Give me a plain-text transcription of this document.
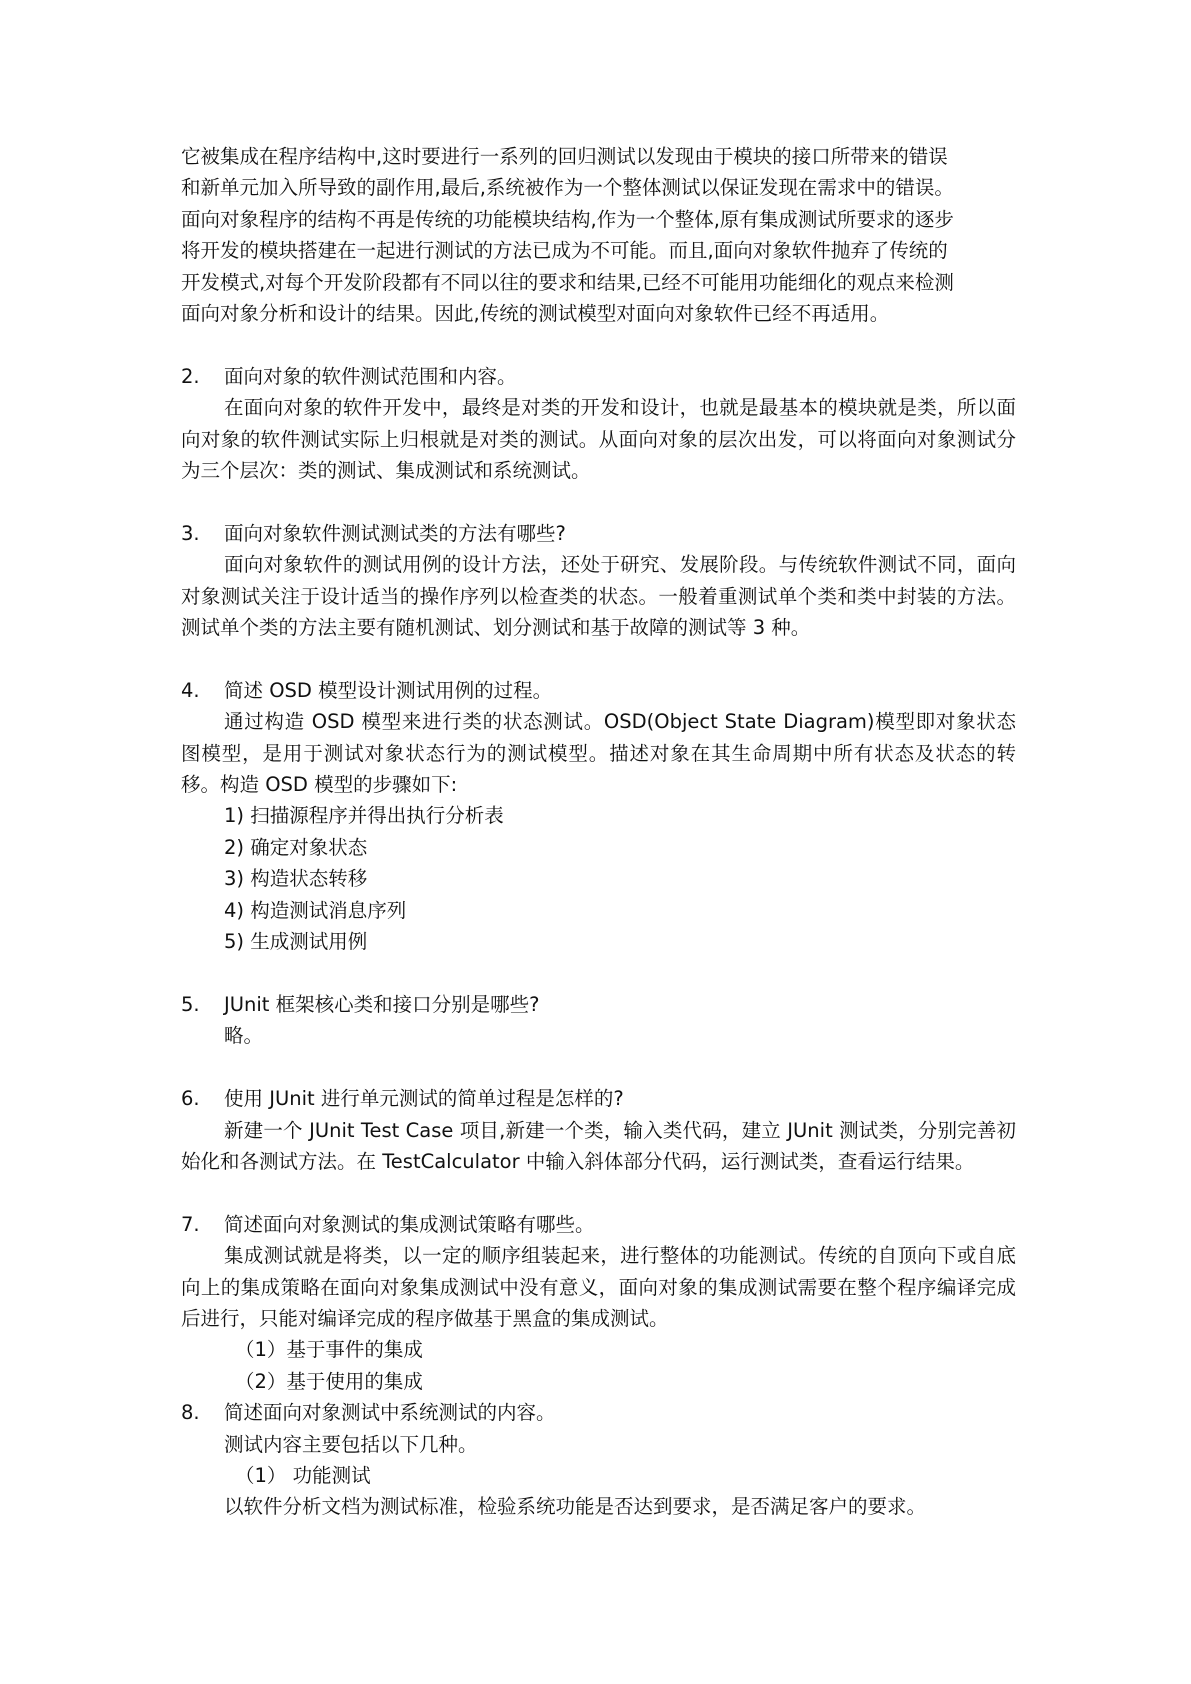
它被集成在程序结构中,这时要进行一系列的回归测试以发现由于模块的接口所带来的错误

和新单元加入所导致的副作用,最后,系统被作为一个整体测试以保证发现在需求中的错误。

面向对象程序的结构不再是传统的功能模块结构,作为一个整体,原有集成测试所要求的逐步

将开发的模块搭建在一起进行测试的方法已成为不可能。而且,面向对象软件抛弃了传统的

开发模式,对每个开发阶段都有不同以往的要求和结果,已经不可能用功能细化的观点来检测

面向对象分析和设计的结果。因此,传统的测试模型对面向对象软件已经不再适用。

2.	面向对象的软件测试范围和内容。

在面向对象的软件开发中，最终是对类的开发和设计，也就是最基本的模块就是类，所以面向对象的软件测试实际上归根就是对类的测试。从面向对象的层次出发，可以将面向对象测试分为三个层次：类的测试、集成测试和系统测试。

3.	面向对象软件测试测试类的方法有哪些?

面向对象软件的测试用例的设计方法，还处于研究、发展阶段。与传统软件测试不同，面向对象测试关注于设计适当的操作序列以检查类的状态。一般着重测试单个类和类中封装的方法。测试单个类的方法主要有随机测试、划分测试和基于故障的测试等 3 种。

4.	简述 OSD 模型设计测试用例的过程。

通过构造 OSD 模型来进行类的状态测试。OSD(Object State Diagram)模型即对象状态图模型，是用于测试对象状态行为的测试模型。描述对象在其生命周期中所有状态及状态的转移。构造 OSD 模型的步骤如下:

1) 扫描源程序并得出执行分析表

2) 确定对象状态

3) 构造状态转移

4) 构造测试消息序列

5) 生成测试用例

5.	JUnit 框架核心类和接口分别是哪些?

略。

6.	使用 JUnit 进行单元测试的简单过程是怎样的?

新建一个 JUnit Test Case 项目,新建一个类，输入类代码，建立 JUnit 测试类，分别完善初始化和各测试方法。在 TestCalculator 中输入斜体部分代码，运行测试类，查看运行结果。

7.	简述面向对象测试的集成测试策略有哪些。

集成测试就是将类，以一定的顺序组装起来，进行整体的功能测试。传统的自顶向下或自底向上的集成策略在面向对象集成测试中没有意义，面向对象的集成测试需要在整个程序编译完成后进行，只能对编译完成的程序做基于黑盒的集成测试。

（1）基于事件的集成

（2）基于使用的集成

8.	简述面向对象测试中系统测试的内容。

测试内容主要包括以下几种。

（1） 功能测试

以软件分析文档为测试标准，检验系统功能是否达到要求，是否满足客户的要求。
